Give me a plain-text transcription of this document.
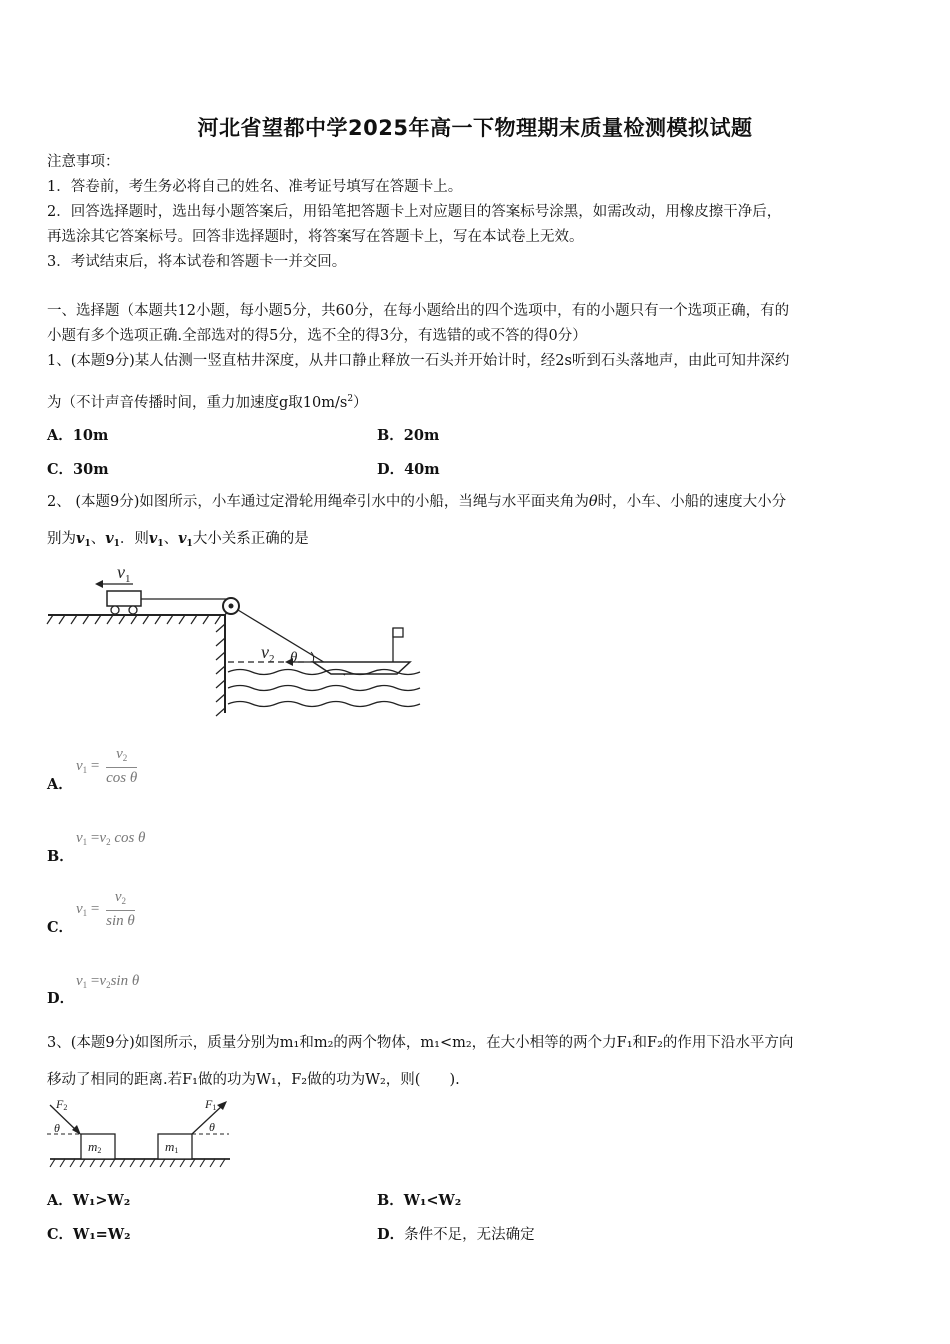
河北省望都中学2025年高一下物理期末质量检测模拟试题
注意事项：
1．答卷前，考生务必将自己的姓名、准考证号填写在答题卡上。
2．回答选择题时，选出每小题答案后，用铅笔把答题卡上对应题目的答案标号涂黑，如需改动，用橡皮擦干净后，
再选涂其它答案标号。回答非选择题时，将答案写在答题卡上，写在本试卷上无效。
3．考试结束后，将本试卷和答题卡一并交回。
一、选择题（本题共12小题，每小题5分，共60分，在每小题给出的四个选项中，有的小题只有一个选项正确，有的
小题有多个选项正确.全部选对的得5分，选不全的得3分，有选错的或不答的得0分）
1、(本题9分)某人估测一竖直枯井深度，从井口静止释放一石头并开始计时，经2s听到石头落地声，由此可知井深约
为（不计声音传播时间，重力加速度g取$10m/s^2$）
A．10m	B．20m
C．30m	D．40m
2、 (本题9分)如图所示，小车通过定滑轮用绳牵引水中的小船，当绳与水平面夹角为θ时，小车、小船的速度大小分
别为$v_1$、$v_1$．则$v_1$、$v_1$大小关系正确的是
$v_1$
$v_2$ θ
A．
$v_1 = \frac{v_2}{\text{cos θ}}$
B．
$v_1 =v_2$ cos θ
C．
$v_1 = \frac{v_2}{\text{sin θ}}$
D．
$v_1 =v_2\sin$ θ
3、(本题9分)如图所示，质量分别为m₁和m₂的两个物体，m₁<m₂，在大小相等的两个力F₁和F₂的作用下沿水平方向
移动了相同的距离.若F₁做的功为W₁，F₂做的功为W₂，则(　　).
m2	m1
F2
θ
F1
θ
A．W₁>W₂	B．W₁<W₂
C．W₁=W₂	D．条件不足，无法确定
